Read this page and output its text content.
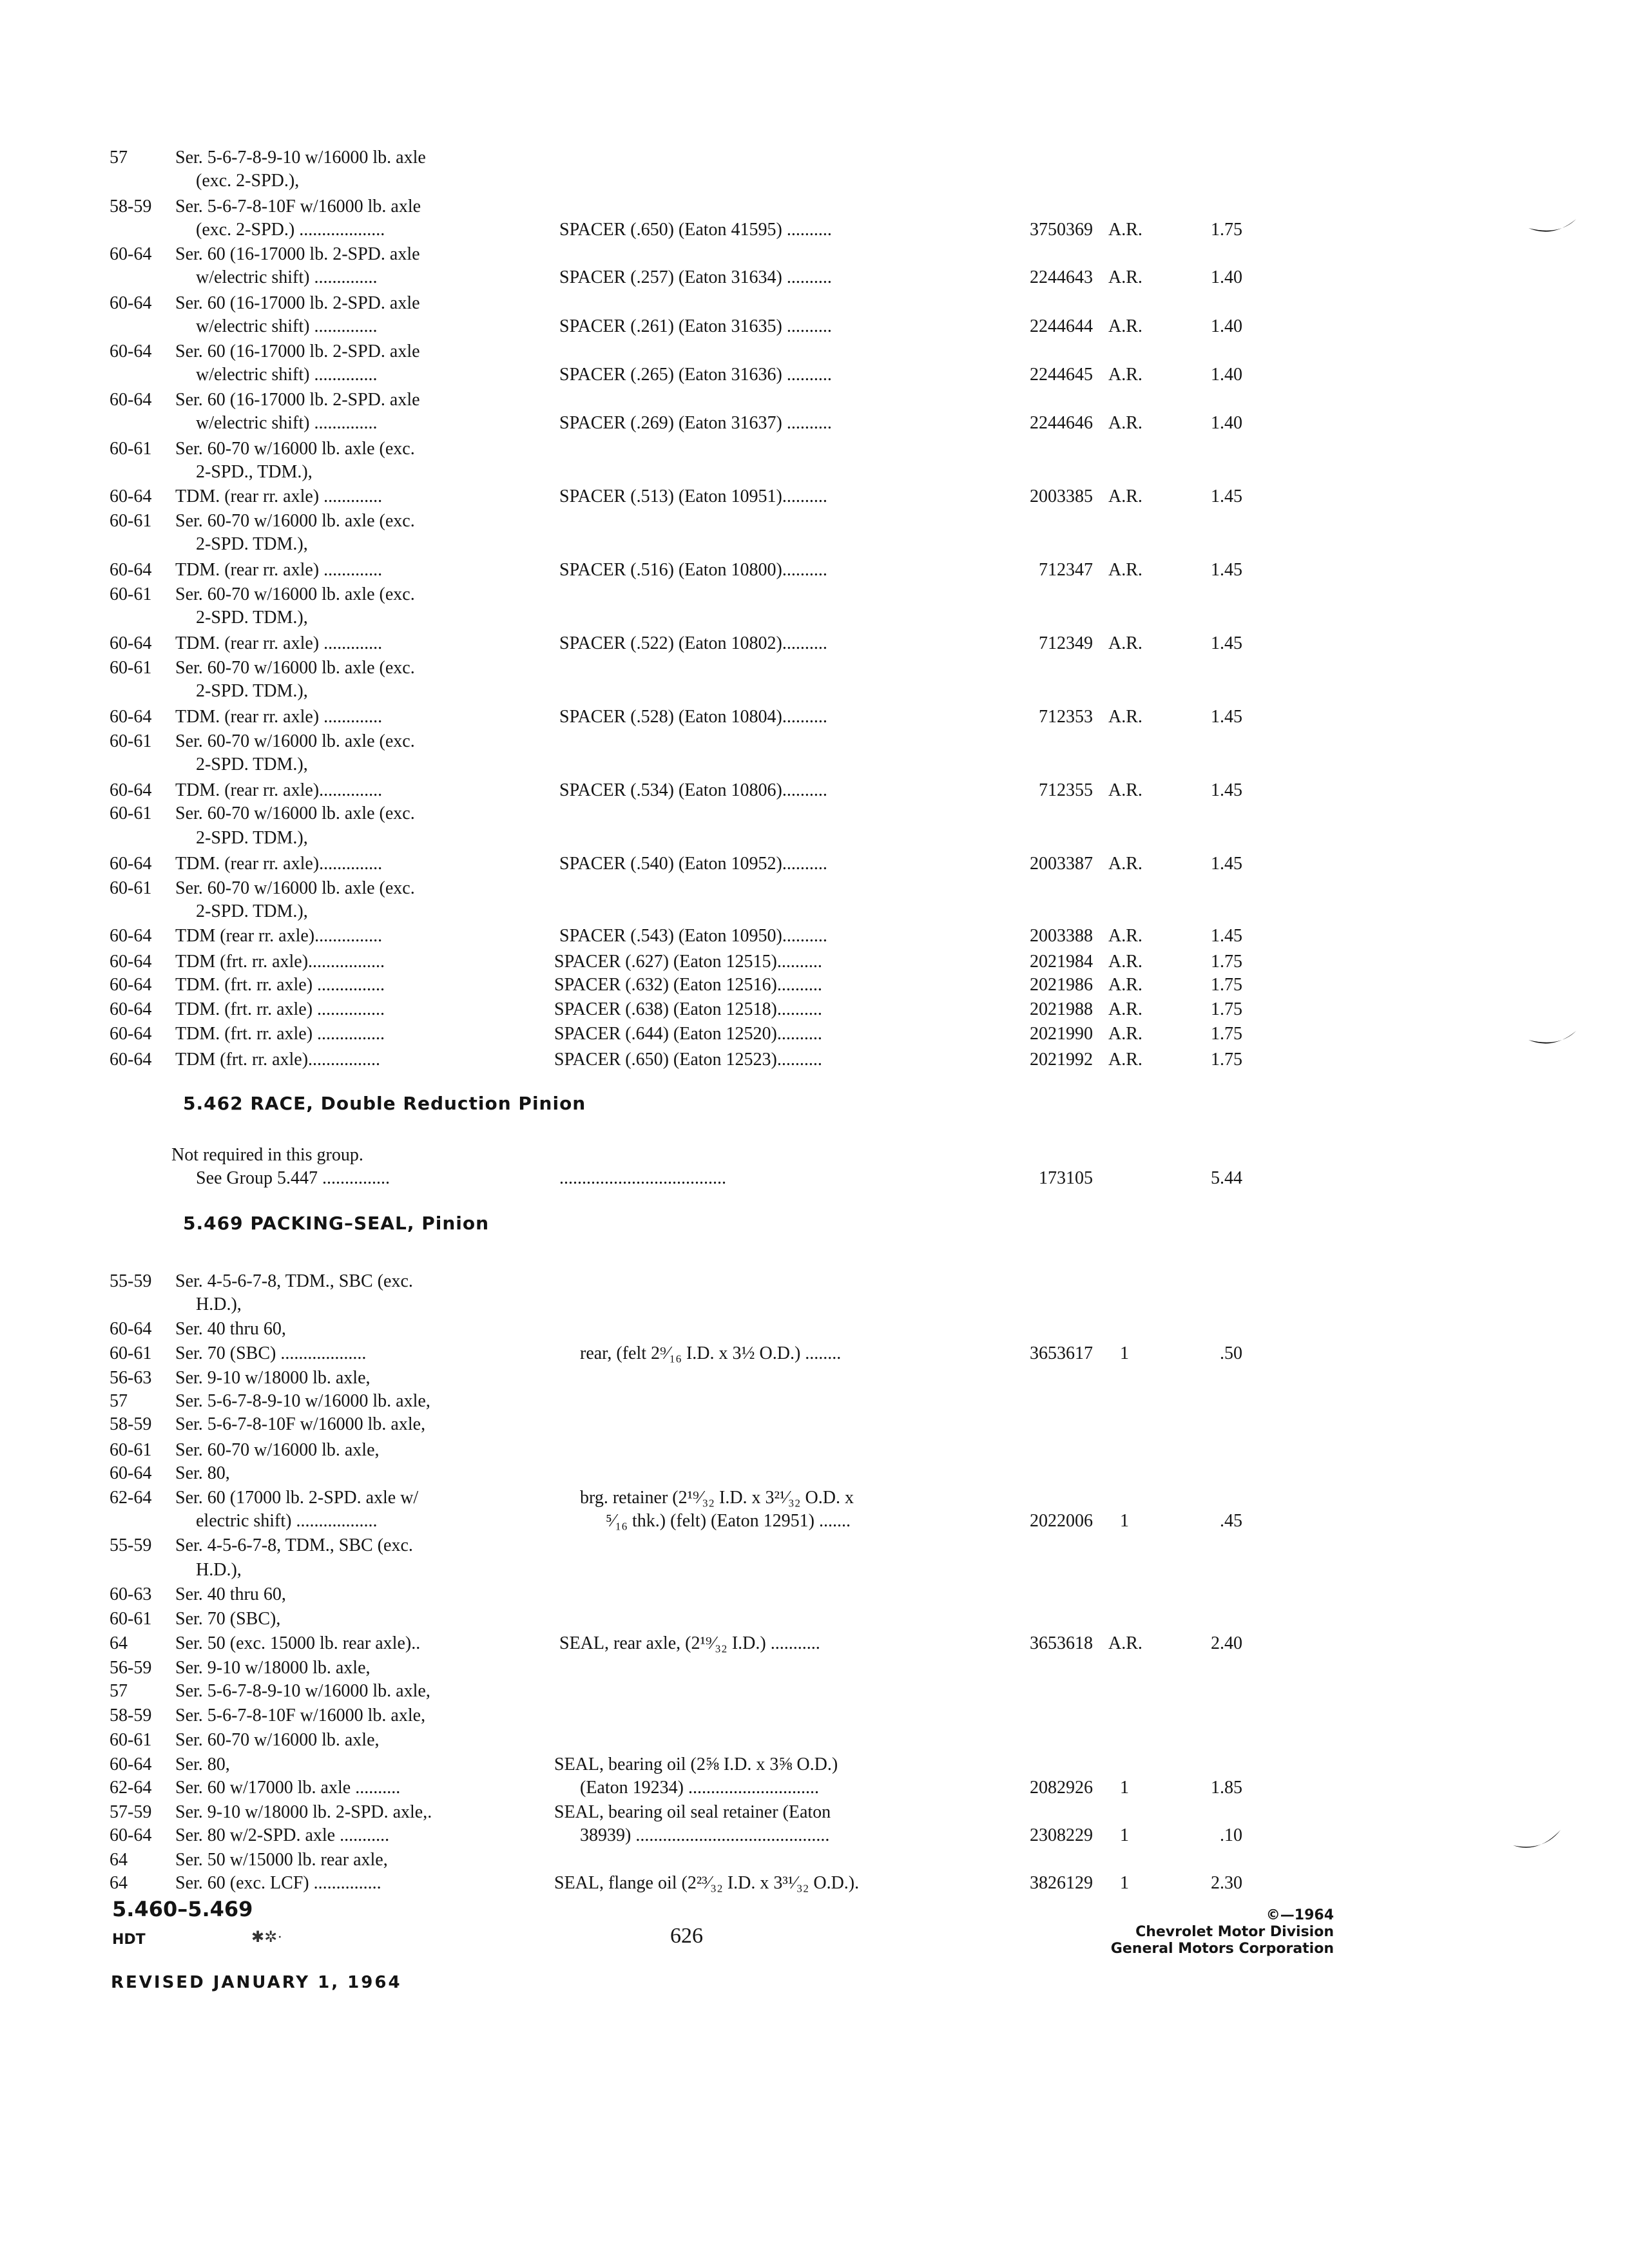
57	Ser. 5-6-7-8-9-10 w/16000 lb. axle
(exc. 2-SPD.),
58-59 Ser. 5-6-7-8-10F w/16000 lb. axle
(exc. 2-SPD.) ...................	SPACER (.650) (Eaton 41595) ..........	3750369 A.R.	1.75
60-64 Ser. 60 (16-17000 lb. 2-SPD. axle
w/electric shift) ..............	SPACER (.257) (Eaton 31634) ..........	2244643 A.R.	1.40
60-64 Ser. 60 (16-17000 lb. 2-SPD. axle
w/electric shift) ..............	SPACER (.261) (Eaton 31635) ..........	2244644 A.R.	1.40
60-64 Ser. 60 (16-17000 lb. 2-SPD. axle
w/electric shift) ..............	SPACER (.265) (Eaton 31636) ..........	2244645 A.R.	1.40
60-64 Ser. 60 (16-17000 lb. 2-SPD. axle
w/electric shift) ..............	SPACER (.269) (Eaton 31637) ..........	2244646 A.R.	1.40
60-61 Ser. 60-70 w/16000 lb. axle (exc.
2-SPD., TDM.),
60-64 TDM. (rear rr. axle) .............	SPACER (.513) (Eaton 10951)..........	2003385 A.R.	1.45
60-61 Ser. 60-70 w/16000 lb. axle (exc.
2-SPD. TDM.),
60-64 TDM. (rear rr. axle) .............	SPACER (.516) (Eaton 10800)..........	712347 A.R.	1.45
60-61 Ser. 60-70 w/16000 lb. axle (exc.
2-SPD. TDM.),
60-64 TDM. (rear rr. axle) .............	SPACER (.522) (Eaton 10802)..........	712349 A.R.	1.45
60-61 Ser. 60-70 w/16000 lb. axle (exc.
2-SPD. TDM.),
60-64 TDM. (rear rr. axle) .............	SPACER (.528) (Eaton 10804)..........	712353 A.R.	1.45
60-61 Ser. 60-70 w/16000 lb. axle (exc.
2-SPD. TDM.),
60-64 TDM. (rear rr. axle)..............	SPACER (.534) (Eaton 10806)..........	712355 A.R.	1.45
60-61 Ser. 60-70 w/16000 lb. axle (exc.
2-SPD. TDM.),
60-64 TDM. (rear rr. axle)..............	SPACER (.540) (Eaton 10952)..........	2003387 A.R.	1.45
60-61 Ser. 60-70 w/16000 lb. axle (exc.
2-SPD. TDM.),
60-64 TDM (rear rr. axle)...............	SPACER (.543) (Eaton 10950)..........	2003388 A.R.	1.45
60-64 TDM (frt. rr. axle).................	SPACER (.627) (Eaton 12515)..........	2021984 A.R.	1.75
60-64 TDM. (frt. rr. axle) ...............	SPACER (.632) (Eaton 12516)..........	2021986 A.R.	1.75
60-64 TDM. (frt. rr. axle) ...............	SPACER (.638) (Eaton 12518)..........	2021988 A.R.	1.75
60-64 TDM. (frt. rr. axle) ...............	SPACER (.644) (Eaton 12520)..........	2021990 A.R.	1.75
60-64 TDM (frt. rr. axle)................	SPACER (.650) (Eaton 12523)..........	2021992 A.R.	1.75
5.462 RACE, Double Reduction Pinion
Not required in this group.
See Group 5.447 ...............	.....................................	173105	5.44
5.469 PACKING–SEAL, Pinion
55-59 Ser. 4-5-6-7-8, TDM., SBC (exc.
H.D.),
60-64 Ser. 40 thru 60,
60-61 Ser. 70 (SBC) ...................	rear, (felt 2⁹⁄₁₆ I.D. x 3½ O.D.) ........	3653617 1	.50
56-63 Ser. 9-10 w/18000 lb. axle,
57	Ser. 5-6-7-8-9-10 w/16000 lb. axle,
58-59 Ser. 5-6-7-8-10F w/16000 lb. axle,
60-61 Ser. 60-70 w/16000 lb. axle,
60-64 Ser. 80,
62-64 Ser. 60 (17000 lb. 2-SPD. axle w/	brg. retainer (2¹⁹⁄₃₂ I.D. x 3²¹⁄₃₂ O.D. x
electric shift) ..................	⁵⁄₁₆ thk.) (felt) (Eaton 12951) .......	2022006 1	.45
55-59 Ser. 4-5-6-7-8, TDM., SBC (exc.
H.D.),
60-63 Ser. 40 thru 60,
60-61 Ser. 70 (SBC),
64	Ser. 50 (exc. 15000 lb. rear axle)..	SEAL, rear axle, (2¹⁹⁄₃₂ I.D.) ...........	3653618 A.R.	2.40
56-59 Ser. 9-10 w/18000 lb. axle,
57	Ser. 5-6-7-8-9-10 w/16000 lb. axle,
58-59 Ser. 5-6-7-8-10F w/16000 lb. axle,
60-61 Ser. 60-70 w/16000 lb. axle,
60-64 Ser. 80,	SEAL, bearing oil (2⅝ I.D. x 3⅝ O.D.)
62-64 Ser. 60 w/17000 lb. axle ..........	(Eaton 19234) .............................	2082926 1	1.85
57-59 Ser. 9-10 w/18000 lb. 2-SPD. axle,.	SEAL, bearing oil seal retainer (Eaton
60-64 Ser. 80 w/2-SPD. axle ...........	38939) ...........................................	2308229 1	.10
64	Ser. 50 w/15000 lb. rear axle,
64	Ser. 60 (exc. LCF) ...............	SEAL, flange oil (2²³⁄₃₂ I.D. x 3³¹⁄₃₂ O.D.).	3826129 1	2.30
5.460–5.469
HDT	✱✲·	626
REVISED JANUARY 1, 1964
©—1964
Chevrolet Motor Division
General Motors Corporation
